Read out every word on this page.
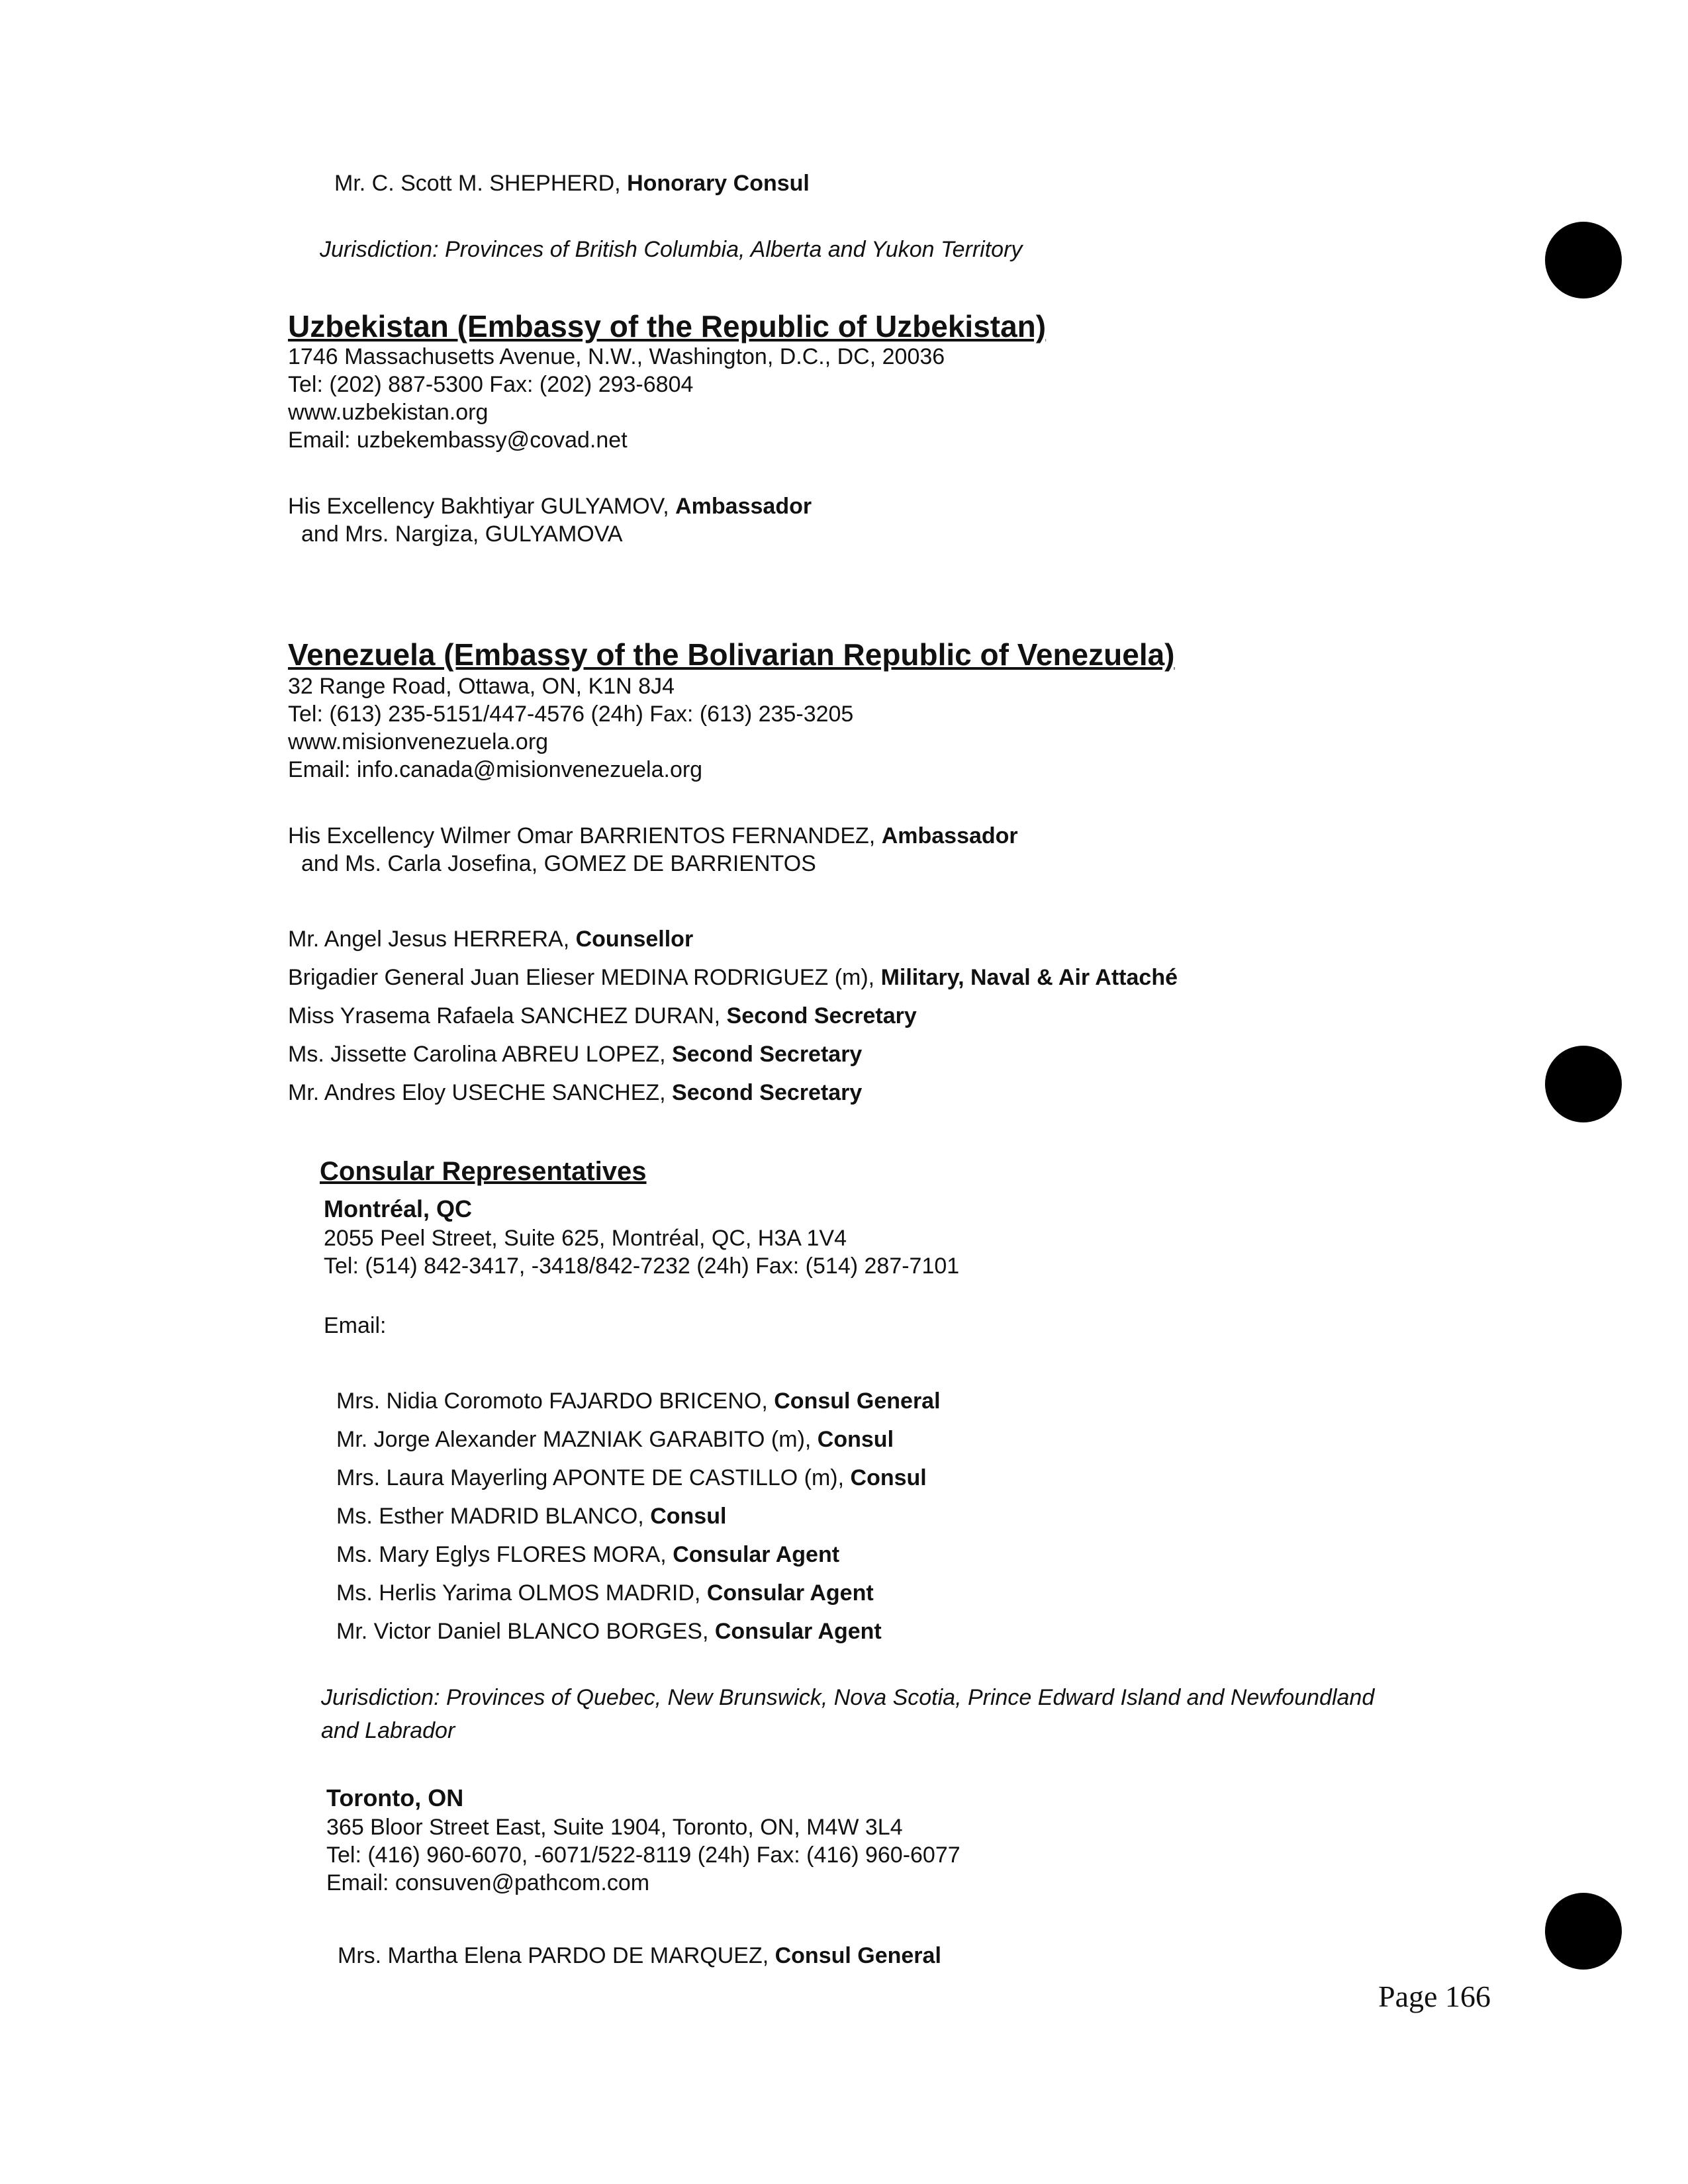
Mr. C. Scott M. SHEPHERD, Honorary Consul
Jurisdiction: Provinces of British Columbia, Alberta and Yukon Territory
Uzbekistan (Embassy of the Republic of Uzbekistan)
1746 Massachusetts Avenue, N.W., Washington, D.C., DC, 20036
Tel: (202) 887-5300 Fax: (202) 293-6804
www.uzbekistan.org
Email: uzbekembassy@covad.net
His Excellency Bakhtiyar GULYAMOV, Ambassador
and Mrs. Nargiza, GULYAMOVA
Venezuela (Embassy of the Bolivarian Republic of Venezuela)
32 Range Road, Ottawa, ON, K1N 8J4
Tel: (613) 235-5151/447-4576 (24h) Fax: (613) 235-3205
www.misionvenezuela.org
Email: info.canada@misionvenezuela.org
His Excellency Wilmer Omar BARRIENTOS FERNANDEZ, Ambassador
and Ms. Carla Josefina, GOMEZ DE BARRIENTOS
Mr. Angel Jesus HERRERA, Counsellor
Brigadier General Juan Elieser MEDINA RODRIGUEZ (m), Military, Naval & Air Attaché
Miss Yrasema Rafaela SANCHEZ DURAN, Second Secretary
Ms. Jissette Carolina ABREU LOPEZ, Second Secretary
Mr. Andres Eloy USECHE SANCHEZ, Second Secretary
Consular Representatives
Montréal, QC
2055 Peel Street, Suite 625, Montréal, QC, H3A 1V4
Tel: (514) 842-3417, -3418/842-7232 (24h) Fax: (514) 287-7101
Email:
Mrs. Nidia Coromoto FAJARDO BRICENO, Consul General
Mr. Jorge Alexander MAZNIAK GARABITO (m), Consul
Mrs. Laura Mayerling APONTE DE CASTILLO (m), Consul
Ms. Esther MADRID BLANCO, Consul
Ms. Mary Eglys FLORES MORA, Consular Agent
Ms. Herlis Yarima OLMOS MADRID, Consular Agent
Mr. Victor Daniel BLANCO BORGES, Consular Agent
Jurisdiction: Provinces of Quebec, New Brunswick, Nova Scotia, Prince Edward Island and Newfoundland
and Labrador
Toronto, ON
365 Bloor Street East, Suite 1904, Toronto, ON, M4W 3L4
Tel: (416) 960-6070, -6071/522-8119 (24h) Fax: (416) 960-6077
Email: consuven@pathcom.com
Mrs. Martha Elena PARDO DE MARQUEZ, Consul General
Page 166
